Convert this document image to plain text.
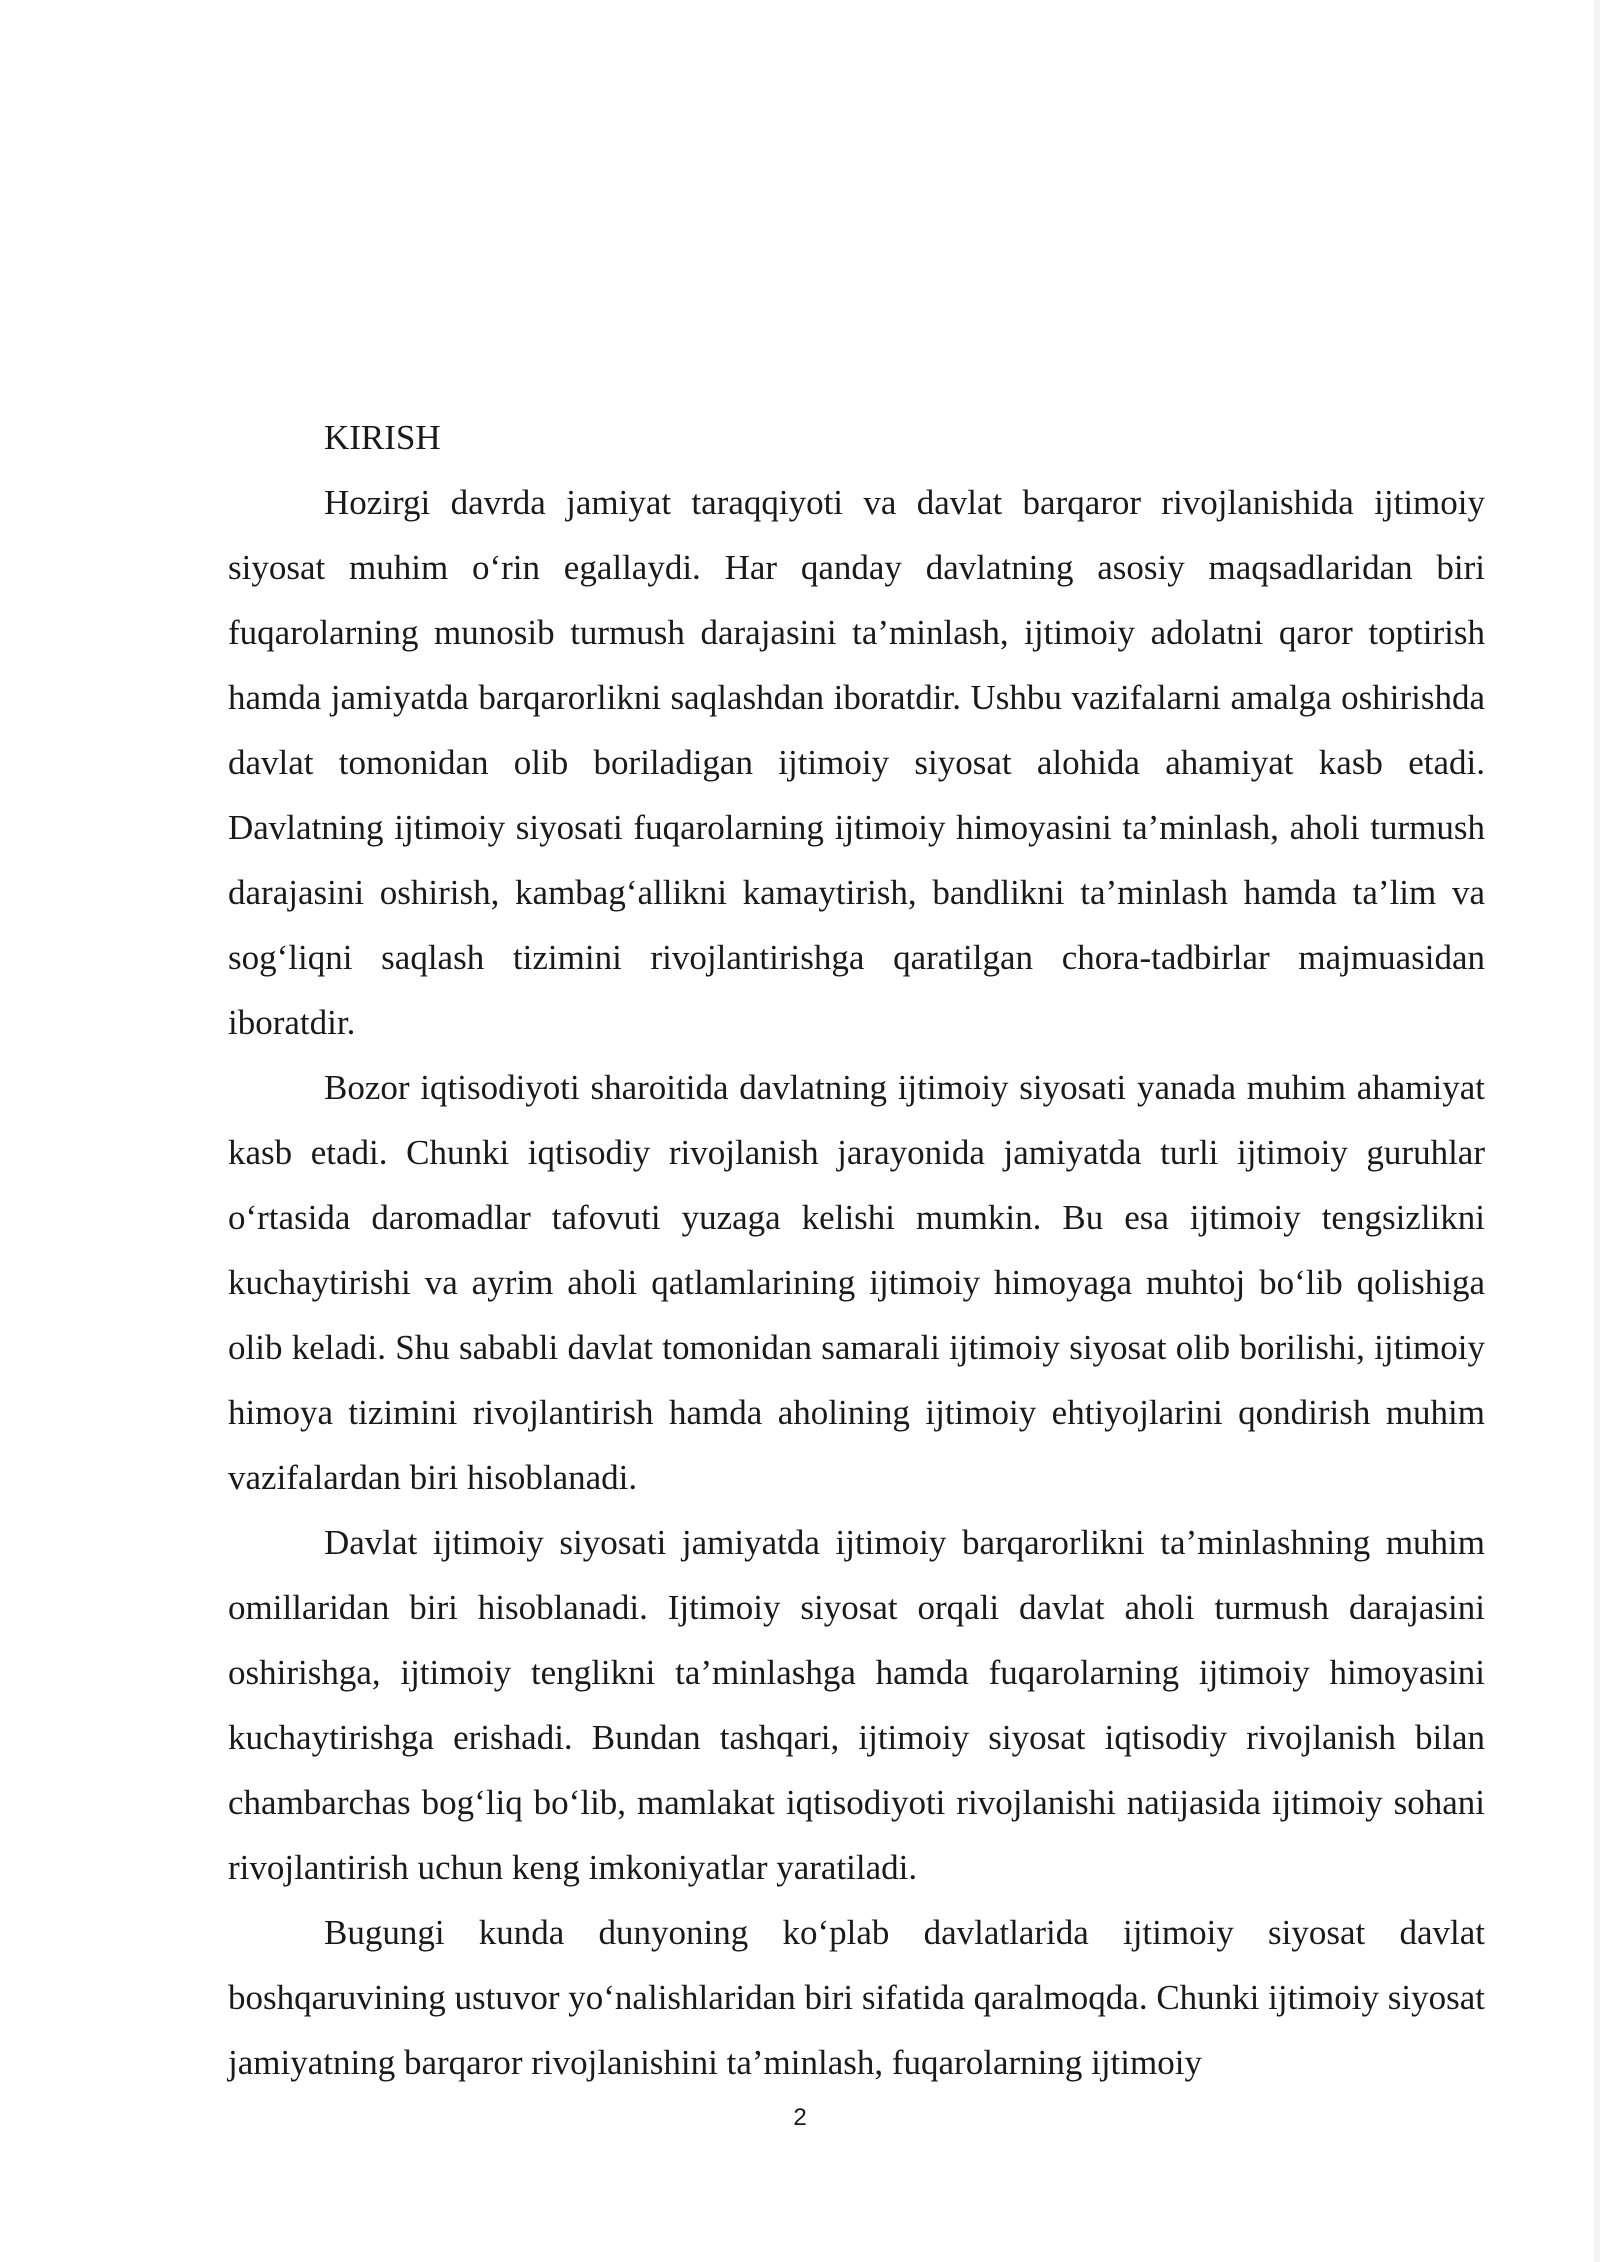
KIRISH

Hozirgi davrda jamiyat taraqqiyoti va davlat barqaror rivojlanishida ijtimoiy siyosat muhim o‘rin egallaydi. Har qanday davlatning asosiy maqsadlaridan biri fuqarolarning munosib turmush darajasini ta’minlash, ijtimoiy adolatni qaror toptirish hamda jamiyatda barqarorlikni saqlashdan iboratdir. Ushbu vazifalarni amalga oshirishda davlat tomonidan olib boriladigan ijtimoiy siyosat alohida ahamiyat kasb etadi. Davlatning ijtimoiy siyosati fuqarolarning ijtimoiy himoyasini ta’minlash, aholi turmush darajasini oshirish, kambag‘allikni kamaytirish, bandlikni ta’minlash hamda ta’lim va sog‘liqni saqlash tizimini rivojlantirishga qaratilgan chora-tadbirlar majmuasidan iboratdir.

Bozor iqtisodiyoti sharoitida davlatning ijtimoiy siyosati yanada muhim ahamiyat kasb etadi. Chunki iqtisodiy rivojlanish jarayonida jamiyatda turli ijtimoiy guruhlar o‘rtasida daromadlar tafovuti yuzaga kelishi mumkin. Bu esa ijtimoiy tengsizlikni kuchaytirishi va ayrim aholi qatlamlarining ijtimoiy himoyaga muhtoj bo‘lib qolishiga olib keladi. Shu sababli davlat tomonidan samarali ijtimoiy siyosat olib borilishi, ijtimoiy himoya tizimini rivojlantirish hamda aholining ijtimoiy ehtiyojlarini qondirish muhim vazifalardan biri hisoblanadi.

Davlat ijtimoiy siyosati jamiyatda ijtimoiy barqarorlikni ta’minlashning muhim omillaridan biri hisoblanadi. Ijtimoiy siyosat orqali davlat aholi turmush darajasini oshirishga, ijtimoiy tenglikni ta’minlashga hamda fuqarolarning ijtimoiy himoyasini kuchaytirishga erishadi. Bundan tashqari, ijtimoiy siyosat iqtisodiy rivojlanish bilan chambarchas bog‘liq bo‘lib, mamlakat iqtisodiyoti rivojlanishi natijasida ijtimoiy sohani rivojlantirish uchun keng imkoniyatlar yaratiladi.

Bugungi kunda dunyoning ko‘plab davlatlarida ijtimoiy siyosat davlat boshqaruvining ustuvor yo‘nalishlaridan biri sifatida qaralmoqda. Chunki ijtimoiy siyosat jamiyatning barqaror rivojlanishini ta’minlash, fuqarolarning ijtimoiy

2
